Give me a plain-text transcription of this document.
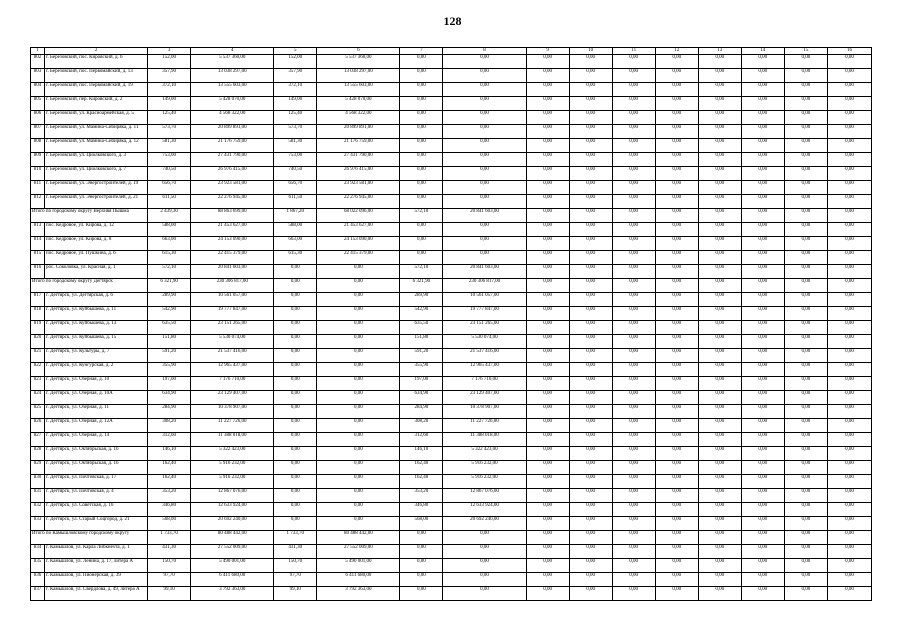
128
1	2	3	4	5	6	7	8	9	10	11	12	13	14	15	16
802	г. Березовский, пос. Кировский, д. 6	152,00	5 537 360,00	152,00	5 537 360,00	0,00	0,00	0,00	0,00	0,00	0,00	0,00	0,00	0,00	0,00
803	г. Березовский, пос. Первомайский, д. 13	357,90	13 038 297,00	357,90	13 038 297,00	0,00	0,00	0,00	0,00	0,00	0,00	0,00	0,00	0,00	0,00
804	г. Березовский, пос. Первомайский, д. 19	372,10	13 555 603,00	372,10	13 555 603,00	0,00	0,00	0,00	0,00	0,00	0,00	0,00	0,00	0,00	0,00
805	г. Березовский, пер. Кировский, д. 2	149,00	5 428 070,00	149,00	5 428 070,00	0,00	0,00	0,00	0,00	0,00	0,00	0,00	0,00	0,00	0,00
806	г. Березовский, ул. Красноармейская, д. 5	125,40	4 568 322,00	125,40	4 568 322,00	0,00	0,00	0,00	0,00	0,00	0,00	0,00	0,00	0,00	0,00
807	г. Березовский, ул. Мамина-Сибиряка, д. 11	573,70	20 899 891,00	573,70	20 899 891,00	0,00	0,00	0,00	0,00	0,00	0,00	0,00	0,00	0,00	0,00
808	г. Березовский, ул. Мамина-Сибиряка, д. 12	581,30	21 176 759,00	581,30	21 176 759,00	0,00	0,00	0,00	0,00	0,00	0,00	0,00	0,00	0,00	0,00
809	г. Березовский, ул. Циолковского, д. 3	753,00	27 431 790,00	753,00	27 431 790,00	0,00	0,00	0,00	0,00	0,00	0,00	0,00	0,00	0,00	0,00
810	г. Березовский, ул. Циолковского, д. 7	740,50	26 976 415,00	740,50	26 976 415,00	0,00	0,00	0,00	0,00	0,00	0,00	0,00	0,00	0,00	0,00
811	г. Березовский, ул. Энергостроителей, д. 19	656,70	23 923 581,00	656,70	23 923 581,00	0,00	0,00	0,00	0,00	0,00	0,00	0,00	0,00	0,00	0,00
812	г. Березовский, ул. Энергостроителей, д. 21	611,50	22 276 945,00	611,50	22 276 945,00	0,00	0,00	0,00	0,00	0,00	0,00	0,00	0,00	0,00	0,00
Итого по городскому округу Верхняя Пышма		2 439,30	88 863 699,00	1 867,20	68 022 096,00	572,10	20 841 603,00	0,00	0,00	0,00	0,00	0,00	0,00	0,00	0,00
813	пос. Кедровое, ул. Кирова, д. 12	588,00	21 453 627,00	588,00	21 453 627,00	0,00	0,00	0,00	0,00	0,00	0,00	0,00	0,00	0,00	0,00
814	пос. Кедровое, ул. Кирова, д. 8	663,00	24 153 090,00	663,00	24 153 090,00	0,00	0,00	0,00	0,00	0,00	0,00	0,00	0,00	0,00	0,00
815	пос. Кедровое, ул. Пушкина, д. 6	615,30	22 415 379,00	615,30	22 415 379,00	0,00	0,00	0,00	0,00	0,00	0,00	0,00	0,00	0,00	0,00
816	рос. Соколовка, ул. Красная, д. 1	572,10	20 841 603,00	0,00	0,00	572,10	20 841 603,00	0,00	0,00	0,00	0,00	0,00	0,00	0,00	0,00
Итого по городскому округу Дегтярск		6 321,90	230 306 817,00	0,00	0,00	6 321,90	230 306 817,00	0,00	0,00	0,00	0,00	0,00	0,00	0,00	0,00
817	г. Дегтярск, ул. Дегтярская, д. 6	289,90	10 561 057,00	0,00	0,00	289,90	10 561 057,00	0,00	0,00	0,00	0,00	0,00	0,00	0,00	0,00
818	г. Дегтярск, ул. Куйбышева, д. 11	542,90	19 777 847,00	0,00	0,00	542,90	19 777 847,00	0,00	0,00	0,00	0,00	0,00	0,00	0,00	0,00
819	г. Дегтярск, ул. Куйбышева, д. 13	635,50	23 151 265,00	0,00	0,00	635,50	23 151 265,00	0,00	0,00	0,00	0,00	0,00	0,00	0,00	0,00
820	г. Дегтярск, ул. Куйбышева, д. 15	151,80	5 530 074,00	0,00	0,00	151,80	5 530 074,00	0,00	0,00	0,00	0,00	0,00	0,00	0,00	0,00
821	г. Дегтярск, ул. Культуры, д. 7	591,20	21 537 416,00	0,00	0,00	591,20	21 537 416,00	0,00	0,00	0,00	0,00	0,00	0,00	0,00	0,00
822	г. Дегтярск, ул. Кунгурская, д. 2	355,90	12 965 437,00	0,00	0,00	355,90	12 965 437,00	0,00	0,00	0,00	0,00	0,00	0,00	0,00	0,00
823	г. Дегтярск, ул. Озерная, д. 10	197,00	7 176 710,00	0,00	0,00	197,00	7 176 710,00	0,00	0,00	0,00	0,00	0,00	0,00	0,00	0,00
824	г. Дегтярск, ул. Озерная, д. 10А	634,90	23 129 407,00	0,00	0,00	634,90	23 129 407,00	0,00	0,00	0,00	0,00	0,00	0,00	0,00	0,00
825	г. Дегтярск, ул. Озерная, д. 11	284,90	10 378 907,00	0,00	0,00	284,90	10 378 907,00	0,00	0,00	0,00	0,00	0,00	0,00	0,00	0,00
826	г. Дегтярск, ул. Озерная, д. 12А	308,20	11 227 726,00	0,00	0,00	308,20	11 227 726,00	0,00	0,00	0,00	0,00	0,00	0,00	0,00	0,00
827	г. Дегтярск, ул. Озерная, д. 14	312,60	11 388 018,00	0,00	0,00	312,60	11 388 018,00	0,00	0,00	0,00	0,00	0,00	0,00	0,00	0,00
828	г. Дегтярск, ул. Октябрьская, д. 16	146,10	5 322 423,00	0,00	0,00	146,10	5 322 423,00	0,00	0,00	0,00	0,00	0,00	0,00	0,00	0,00
829	г. Дегтярск, ул. Октябрьская, д. 16	162,40	5 916 232,00	0,00	0,00	162,40	5 916 232,00	0,00	0,00	0,00	0,00	0,00	0,00	0,00	0,00
830	г. Дегтярск, ул. Почтовская, д. 17	162,40	5 916 232,00	0,00	0,00	162,40	5 916 232,00	0,00	0,00	0,00	0,00	0,00	0,00	0,00	0,00
831	г. Дегтярск, ул. Почтовская, д. 4	353,20	12 867 076,00	0,00	0,00	353,20	12 867 076,00	0,00	0,00	0,00	0,00	0,00	0,00	0,00	0,00
832	г. Дегтярск, ул. Советская, д. 16	346,80	12 633 924,00	0,00	0,00	346,80	12 633 924,00	0,00	0,00	0,00	0,00	0,00	0,00	0,00	0,00
833	г. Дегтярск, ул. Старый Соцгород, д. 21	568,00	20 692 240,00	0,00	0,00	568,00	20 692 240,00	0,00	0,00	0,00	0,00	0,00	0,00	0,00	0,00
Итого по Камышловскому городскому округу		1 733,70	80 488 442,00	1 733,70	80 488 442,00	0,00	0,00	0,00	0,00	0,00	0,00	0,00	0,00	0,00	0,00
834	г. Камышлов, ул. Карла Либкнехта, д. 1	431,30	27 552 009,00	431,30	27 552 009,00	0,00	0,00	0,00	0,00	0,00	0,00	0,00	0,00	0,00	0,00
835	г. Камышлов, ул. Ленина, д. 17, литера А	150,70	5 490 001,00	150,70	5 490 001,00	0,00	0,00	0,00	0,00	0,00	0,00	0,00	0,00	0,00	0,00
836	г. Камышлов, ул. Пионерская, д. 39	97,70	6 411 680,00	97,70	6 411 680,00	0,00	0,00	0,00	0,00	0,00	0,00	0,00	0,00	0,00	0,00
837	г. Камышлов, ул. Свердлова, д. 49, литера А	99,10	3 792 363,00	99,10	3 792 363,00	0,00	0,00	0,00	0,00	0,00	0,00	0,00	0,00	0,00	0,00
